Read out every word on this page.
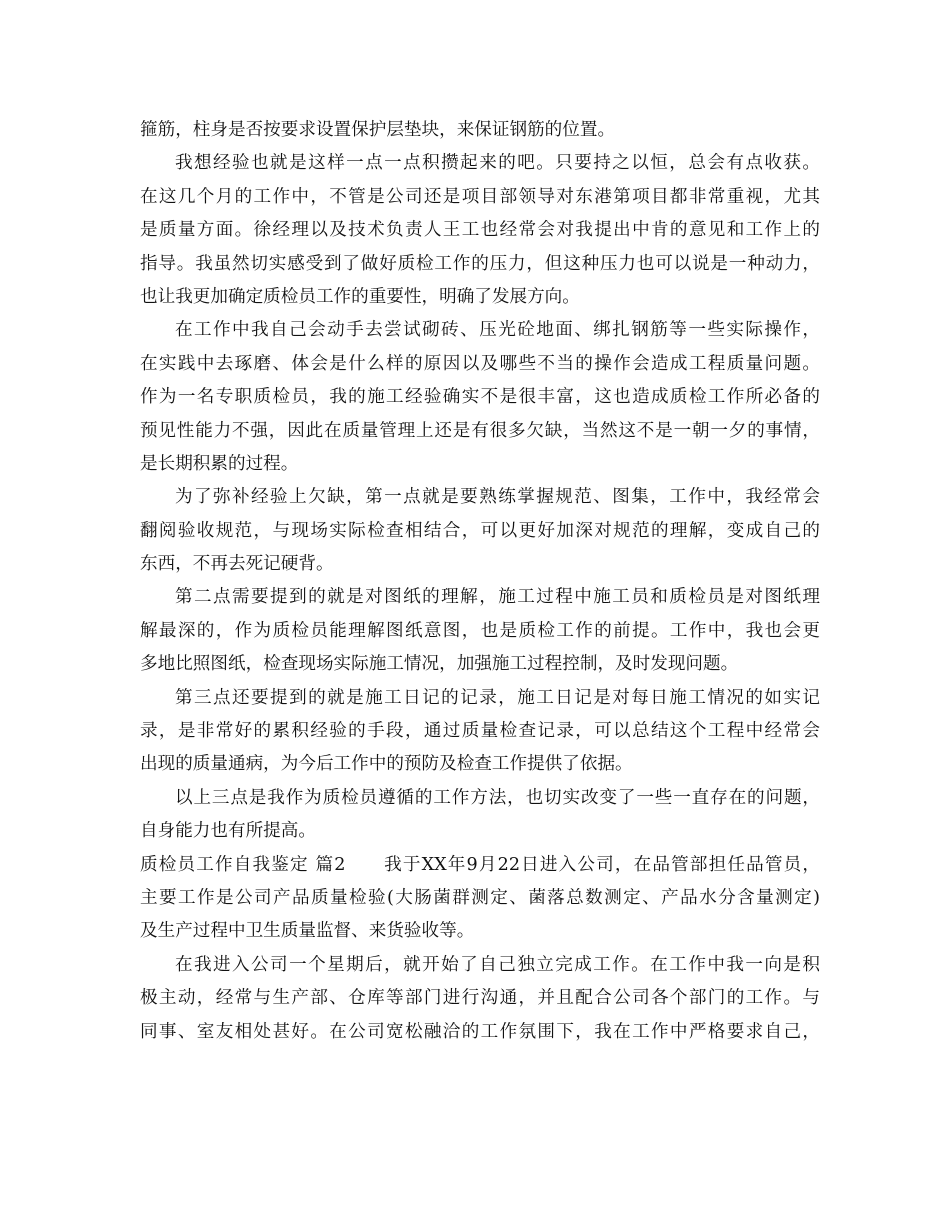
箍筋，柱身是否按要求设置保护层垫块，来保证钢筋的位置。
我想经验也就是这样一点一点积攒起来的吧。只要持之以恒，总会有点收获。
在这几个月的工作中，不管是公司还是项目部领导对东港第项目都非常重视，尤其
是质量方面。徐经理以及技术负责人王工也经常会对我提出中肯的意见和工作上的
指导。我虽然切实感受到了做好质检工作的压力，但这种压力也可以说是一种动力，
也让我更加确定质检员工作的重要性，明确了发展方向。
在工作中我自己会动手去尝试砌砖、压光砼地面、绑扎钢筋等一些实际操作，
在实践中去琢磨、体会是什么样的原因以及哪些不当的操作会造成工程质量问题。
作为一名专职质检员，我的施工经验确实不是很丰富，这也造成质检工作所必备的
预见性能力不强，因此在质量管理上还是有很多欠缺，当然这不是一朝一夕的事情，
是长期积累的过程。
为了弥补经验上欠缺，第一点就是要熟练掌握规范、图集，工作中，我经常会
翻阅验收规范，与现场实际检查相结合，可以更好加深对规范的理解，变成自己的
东西，不再去死记硬背。
第二点需要提到的就是对图纸的理解，施工过程中施工员和质检员是对图纸理
解最深的，作为质检员能理解图纸意图，也是质检工作的前提。工作中，我也会更
多地比照图纸，检查现场实际施工情况，加强施工过程控制，及时发现问题。
第三点还要提到的就是施工日记的记录，施工日记是对每日施工情况的如实记
录，是非常好的累积经验的手段，通过质量检查记录，可以总结这个工程中经常会
出现的质量通病，为今后工作中的预防及检查工作提供了依据。
以上三点是我作为质检员遵循的工作方法，也切实改变了一些一直存在的问题，
自身能力也有所提高。
质检员工作自我鉴定 篇2　　我于XX年9月22日进入公司，在品管部担任品管员，
主要工作是公司产品质量检验(大肠菌群测定、菌落总数测定、产品水分含量测定)
及生产过程中卫生质量监督、来货验收等。
在我进入公司一个星期后，就开始了自己独立完成工作。在工作中我一向是积
极主动，经常与生产部、仓库等部门进行沟通，并且配合公司各个部门的工作。与
同事、室友相处甚好。在公司宽松融洽的工作氛围下，我在工作中严格要求自己，
